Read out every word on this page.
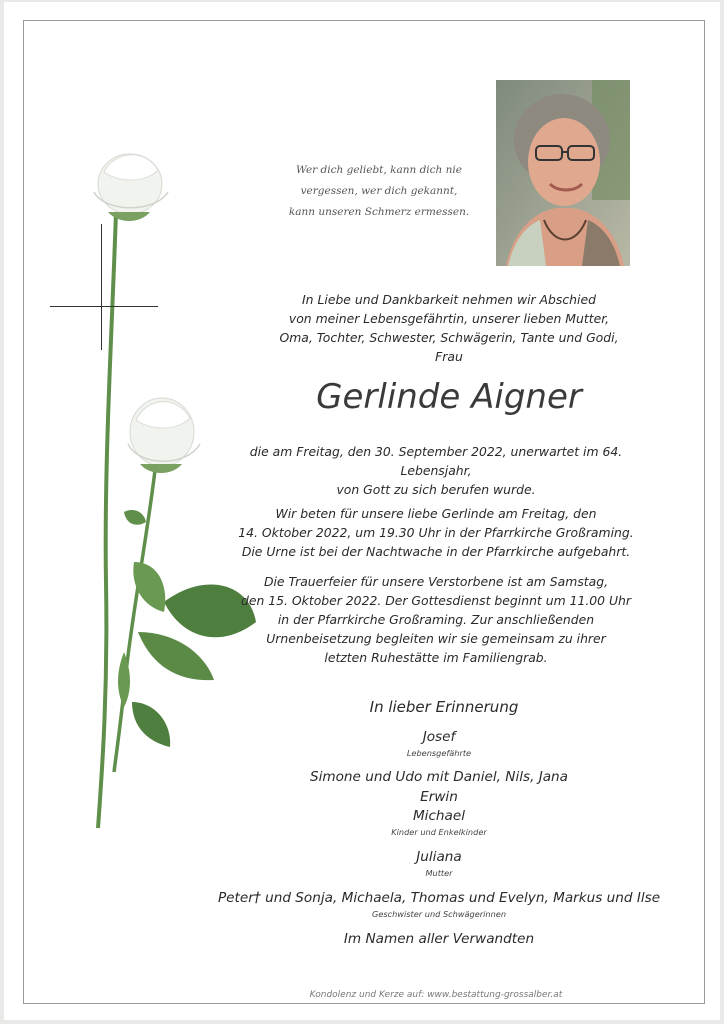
Wer dich geliebt, kann dich nie
vergessen, wer dich gekannt,
kann unseren Schmerz ermessen.
In Liebe und Dankbarkeit nehmen wir Abschied
von meiner Lebensgefährtin, unserer lieben Mutter,
Oma, Tochter, Schwester, Schwägerin, Tante und Godi,
Frau
Gerlinde Aigner
die am Freitag, den 30. September 2022, unerwartet im 64. Lebensjahr,
von Gott zu sich berufen wurde.
Wir beten für unsere liebe Gerlinde am Freitag, den
14. Oktober 2022, um 19.30 Uhr in der Pfarrkirche Großraming.
Die Urne ist bei der Nachtwache in der Pfarrkirche aufgebahrt.
Die Trauerfeier für unsere Verstorbene ist am Samstag,
den 15. Oktober 2022. Der Gottesdienst beginnt um 11.00 Uhr
in der Pfarrkirche Großraming. Zur anschließenden
Urnenbeisetzung begleiten wir sie gemeinsam zu ihrer
letzten Ruhestätte im Familiengrab.
In lieber Erinnerung
Josef
Lebensgefährte
Simone und Udo mit Daniel, Nils, Jana
Erwin
Michael
Kinder und Enkelkinder
Juliana
Mutter
Peter† und Sonja, Michaela, Thomas und Evelyn, Markus und Ilse
Geschwister und Schwägerinnen
Im Namen aller Verwandten
Kondolenz und Kerze auf: www.bestattung-grossalber.at
